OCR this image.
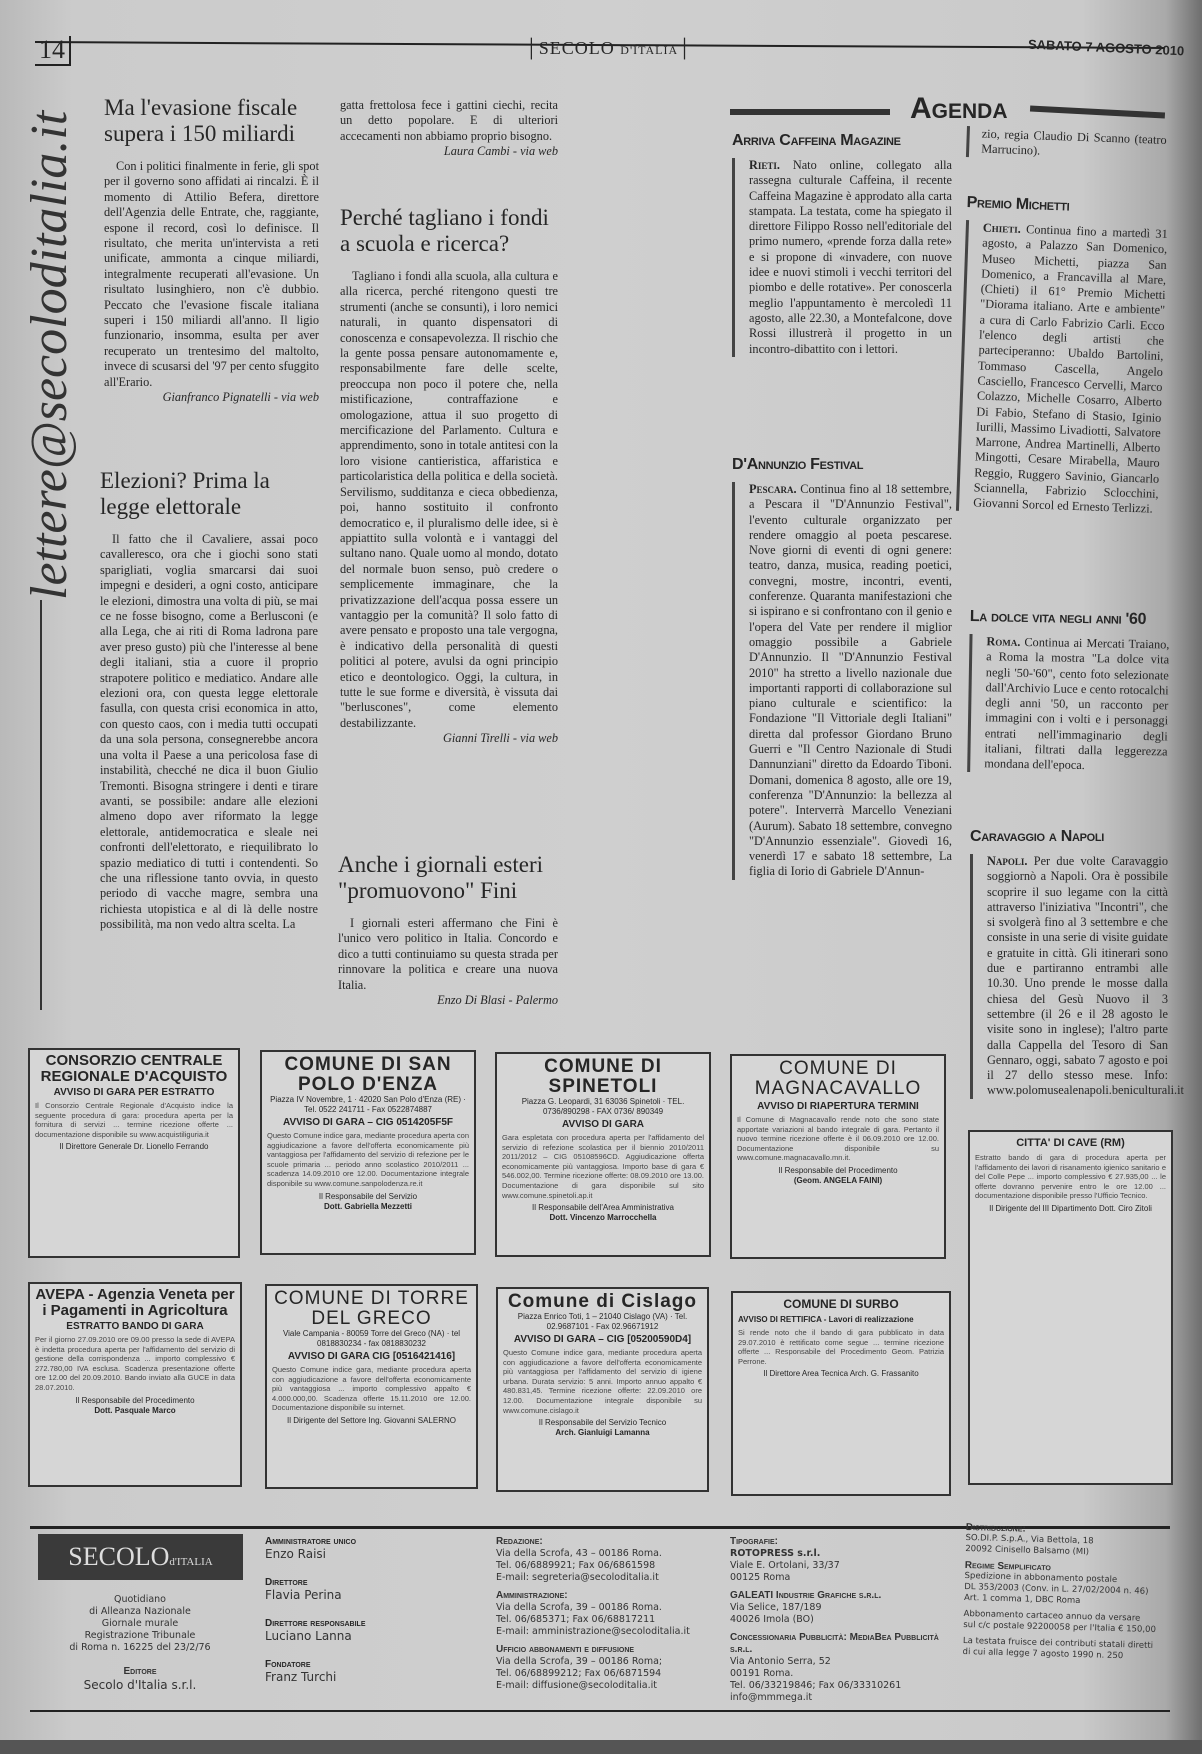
14	│SECOLO D'ITALIA│	SABATO 7 AGOSTO 2010
lettere@secoloditalia.it
Ma l'evasione fiscale supera i 150 miliardi
Con i politici finalmente in ferie, gli spot per il governo sono affidati ai rincalzi. È il momento di Attilio Befera, direttore dell'Agenzia delle Entrate, che, raggiante, espone il record, così lo definisce. Il risultato, che merita un'intervista a reti unificate, ammonta a cinque miliardi, integralmente recuperati all'evasione. Un risultato lusinghiero, non c'è dubbio. Peccato che l'evasione fiscale italiana superi i 150 miliardi all'anno. Il ligio funzionario, insomma, esulta per aver recuperato un trentesimo del maltolto, invece di scusarsi del '97 per cento sfuggito all'Erario.
Gianfranco Pignatelli - via web
Elezioni? Prima la legge elettorale
Il fatto che il Cavaliere, assai poco cavalleresco, ora che i giochi sono stati sparigliati, voglia smarcarsi dai suoi impegni e desideri, a ogni costo, anticipare le elezioni, dimostra una volta di più, se mai ce ne fosse bisogno, come a Berlusconi (e alla Lega, che ai riti di Roma ladrona pare aver preso gusto) più che l'interesse al bene degli italiani, stia a cuore il proprio strapotere politico e mediatico. Andare alle elezioni ora, con questa legge elettorale fasulla, con questa crisi economica in atto, con questo caos, con i media tutti occupati da una sola persona, consegnerebbe ancora una volta il Paese a una pericolosa fase di instabilità, checché ne dica il buon Giulio Tremonti. Bisogna stringere i denti e tirare avanti, se possibile: andare alle elezioni almeno dopo aver riformato la legge elettorale, antidemocratica e sleale nei confronti dell'elettorato, e riequilibrato lo spazio mediatico di tutti i contendenti. So che una riflessione tanto ovvia, in questo periodo di vacche magre, sembra una richiesta utopistica e al di là delle nostre possibilità, ma non vedo altra scelta. La
gatta frettolosa fece i gattini ciechi, recita un detto popolare. E di ulteriori accecamenti non abbiamo proprio bisogno.
Laura Cambi - via web
Perché tagliano i fondi a scuola e ricerca?
Tagliano i fondi alla scuola, alla cultura e alla ricerca, perché ritengono questi tre strumenti (anche se consunti), i loro nemici naturali, in quanto dispensatori di conoscenza e consapevolezza. Il rischio che la gente possa pensare autonomamente e, responsabilmente fare delle scelte, preoccupa non poco il potere che, nella mistificazione, contraffazione e omologazione, attua il suo progetto di mercificazione del Parlamento. Cultura e apprendimento, sono in totale antitesi con la loro visione cantieristica, affaristica e particolaristica della politica e della società. Servilismo, sudditanza e cieca obbedienza, poi, hanno sostituito il confronto democratico e, il pluralismo delle idee, si è appiattito sulla volontà e i vantaggi del sultano nano. Quale uomo al mondo, dotato del normale buon senso, può credere o semplicemente immaginare, che la privatizzazione dell'acqua possa essere un vantaggio per la comunità? Il solo fatto di avere pensato e proposto una tale vergogna, è indicativo della personalità di questi politici al potere, avulsi da ogni principio etico e deontologico. Oggi, la cultura, in tutte le sue forme e diversità, è vissuta dai "berluscones", come elemento destabilizzante.
Gianni Tirelli - via web
Anche i giornali esteri "promuovono" Fini
I giornali esteri affermano che Fini è l'unico vero politico in Italia. Concordo e dico a tutti continuiamo su questa strada per rinnovare la politica e creare una nuova Italia.
Enzo Di Blasi - Palermo
Agenda
Arriva Caffeina Magazine
Rieti. Nato online, collegato alla rassegna culturale Caffeina, il recente Caffeina Magazine è approdato alla carta stampata. La testata, come ha spiegato il direttore Filippo Rosso nell'editoriale del primo numero, «prende forza dalla rete» e si propone di «invadere, con nuove idee e nuovi stimoli i vecchi territori del piombo e delle rotative». Per conoscerla meglio l'appuntamento è mercoledì 11 agosto, alle 22.30, a Montefalcone, dove Rossi illustrerà il progetto in un incontro-dibattito con i lettori.
D'Annunzio Festival
Pescara. Continua fino al 18 settembre, a Pescara il "D'Annunzio Festival", l'evento culturale organizzato per rendere omaggio al poeta pescarese. Nove giorni di eventi di ogni genere: teatro, danza, musica, reading poetici, convegni, mostre, incontri, eventi, conferenze. Quaranta manifestazioni che si ispirano e si confrontano con il genio e l'opera del Vate per rendere il miglior omaggio possibile a Gabriele D'Annunzio. Il "D'Annunzio Festival 2010" ha stretto a livello nazionale due importanti rapporti di collaborazione sul piano culturale e scientifico: la Fondazione "Il Vittoriale degli Italiani" diretta dal professor Giordano Bruno Guerri e "Il Centro Nazionale di Studi Dannunziani" diretto da Edoardo Tiboni. Domani, domenica 8 agosto, alle ore 19, conferenza "D'Annunzio: la bellezza al potere". Interverrà Marcello Veneziani (Aurum). Sabato 18 settembre, convegno "D'Annunzio essenziale". Giovedì 16, venerdì 17 e sabato 18 settembre, La figlia di Iorio di Gabriele D'Annun-
zio, regia Claudio Di Scanno (teatro Marrucino).
Premio Michetti
Chieti. Continua fino a martedì 31 agosto, a Palazzo San Domenico, Museo Michetti, piazza San Domenico, a Francavilla al Mare, (Chieti) il 61° Premio Michetti "Diorama italiano. Arte e ambiente" a cura di Carlo Fabrizio Carli. Ecco l'elenco degli artisti che parteciperanno: Ubaldo Bartolini, Tommaso Cascella, Angelo Casciello, Francesco Cervelli, Marco Colazzo, Michelle Cosarro, Alberto Di Fabio, Stefano di Stasio, Iginio Iurilli, Massimo Livadiotti, Salvatore Marrone, Andrea Martinelli, Alberto Mingotti, Cesare Mirabella, Mauro Reggio, Ruggero Savinio, Giancarlo Sciannella, Fabrizio Sclocchini, Giovanni Sorcol ed Ernesto Terlizzi.
La dolce vita negli anni '60
Roma. Continua ai Mercati Traiano, a Roma la mostra "La dolce vita negli '50-'60", cento foto selezionate dall'Archivio Luce e cento rotocalchi degli anni '50, un racconto per immagini con i volti e i personaggi entrati nell'immaginario degli italiani, filtrati dalla leggerezza mondana dell'epoca.
Caravaggio a Napoli
Napoli. Per due volte Caravaggio soggiornò a Napoli. Ora è possibile scoprire il suo legame con la città attraverso l'iniziativa "Incontri", che si svolgerà fino al 3 settembre e che consiste in una serie di visite guidate e gratuite in città. Gli itinerari sono due e partiranno entrambi alle 10.30. Uno prende le mosse dalla chiesa del Gesù Nuovo il 3 settembre (il 26 e il 28 agosto le visite sono in inglese); l'altro parte dalla Cappella del Tesoro di San Gennaro, oggi, sabato 7 agosto e poi il 27 dello stesso mese. Info: www.polomusealenapoli.beniculturali.it
CONSORZIO CENTRALE REGIONALE D'ACQUISTO
AVVISO DI GARA PER ESTRATTO
Il Consorzio Centrale Regionale d'Acquisto indice la seguente procedura di gara: procedura aperta per la fornitura di servizi ... termine ricezione offerte ... documentazione disponibile su www.acquistiliguria.it
Il Direttore Generale Dr. Lionello Ferrando
COMUNE DI SAN POLO D'ENZA
Piazza IV Novembre, 1 · 42020 San Polo d'Enza (RE) · Tel. 0522 241711 - Fax 0522874887
AVVISO DI GARA – CIG 0514205F5F
Questo Comune indice gara, mediante procedura aperta con aggiudicazione a favore dell'offerta economicamente più vantaggiosa per l'affidamento del servizio di refezione per le scuole primaria ... periodo anno scolastico 2010/2011 ... scadenza 14.09.2010 ore 12.00. Documentazione integrale disponibile su www.comune.sanpolodenza.re.it
Il Responsabile del Servizio
Dott. Gabriella Mezzetti
COMUNE DI SPINETOLI
Piazza G. Leopardi, 31 63036 Spinetoli · TEL. 0736/890298 - FAX 0736/ 890349
AVVISO DI GARA
Gara espletata con procedura aperta per l'affidamento del servizio di refezione scolastica per il biennio 2010/2011 2011/2012 – CIG 05108596CD. Aggiudicazione offerta economicamente più vantaggiosa. Importo base di gara € 546.002,00. Termine ricezione offerte: 08.09.2010 ore 13.00. Documentazione di gara disponibile sul sito www.comune.spinetoli.ap.it
Il Responsabile dell'Area Amministrativa
Dott. Vincenzo Marrocchella
COMUNE DI MAGNACAVALLO
AVVISO DI RIAPERTURA TERMINI
Il Comune di Magnacavallo rende noto che sono state apportate variazioni al bando integrale di gara. Pertanto il nuovo termine ricezione offerte è il 06.09.2010 ore 12.00. Documentazione disponibile su www.comune.magnacavallo.mn.it.
Il Responsabile del Procedimento
(Geom. ANGELA FAINI)
AVEPA - Agenzia Veneta per i Pagamenti in Agricoltura
ESTRATTO BANDO DI GARA
Per il giorno 27.09.2010 ore 09.00 presso la sede di AVEPA è indetta procedura aperta per l'affidamento del servizio di gestione della corrispondenza ... importo complessivo € 272.780,00 IVA esclusa. Scadenza presentazione offerte ore 12.00 del 20.09.2010. Bando inviato alla GUCE in data 28.07.2010.
Il Responsabile del Procedimento
Dott. Pasquale Marco
COMUNE DI TORRE DEL GRECO
Viale Campania - 80059 Torre del Greco (NA) · tel 0818830234 - fax 0818830232
AVVISO DI GARA CIG [0516421416]
Questo Comune indice gara, mediante procedura aperta con aggiudicazione a favore dell'offerta economicamente più vantaggiosa ... importo complessivo appalto € 4.000.000,00. Scadenza offerte 15.11.2010 ore 12.00. Documentazione disponibile su internet.
Il Dirigente del Settore Ing. Giovanni SALERNO
Comune di Cislago
Piazza Enrico Toti, 1 – 21040 Cislago (VA) · Tel. 02.9687101 - Fax 02.96671912
AVVISO DI GARA – CIG [05200590D4]
Questo Comune indice gara, mediante procedura aperta con aggiudicazione a favore dell'offerta economicamente più vantaggiosa per l'affidamento del servizio di igiene urbana. Durata servizio: 5 anni. Importo annuo appalto € 480.831,45. Termine ricezione offerte: 22.09.2010 ore 12.00. Documentazione integrale disponibile su www.comune.cislago.it
Il Responsabile del Servizio Tecnico
Arch. Gianluigi Lamanna
COMUNE DI SURBO
AVVISO DI RETTIFICA - Lavori di realizzazione
Si rende noto che il bando di gara pubblicato in data 29.07.2010 è rettificato come segue ... termine ricezione offerte ... Responsabile del Procedimento Geom. Patrizia Perrone.
Il Direttore Area Tecnica Arch. G. Frassanito
CITTA' DI CAVE (RM)
Estratto bando di gara di procedura aperta per l'affidamento dei lavori di risanamento igienico sanitario e del Colle Pepe ... importo complessivo € 27.935,00 ... le offerte dovranno pervenire entro le ore 12.00 ... documentazione disponibile presso l'Ufficio Tecnico.
Il Dirigente del III Dipartimento Dott. Ciro Zitoli
SECOLOd'ITALIA
Quotidiano
di Alleanza Nazionale
Giornale murale
Registrazione Tribunale
di Roma n. 16225 del 23/2/76
Editore
Secolo d'Italia s.r.l.
Amministratore unico
Enzo Raisi
Direttore
Flavia Perina
Direttore responsabile
Luciano Lanna
Fondatore
Franz Turchi
Redazione:
Via della Scrofa, 43 – 00186 Roma.
Tel. 06/6889921; Fax 06/6861598
E-mail: segreteria@secoloditalia.it
Amministrazione:
Via della Scrofa, 39 – 00186 Roma.
Tel. 06/685371; Fax 06/68817211
E-mail: amministrazione@secoloditalia.it
Ufficio abbonamenti e diffusione
Via della Scrofa, 39 – 00186 Roma;
Tel. 06/68899212; Fax 06/6871594
E-mail: diffusione@secoloditalia.it
Tipografie:
ROTOPRESS s.r.l.
Viale E. Ortolani, 33/37
00125 Roma
GALEATI Industrie Grafiche s.r.l.
Via Selice, 187/189
40026 Imola (BO)
Concessionaria Pubblicità: MediaBea Pubblicità s.r.l.
Via Antonio Serra, 52
00191 Roma.
Tel. 06/33219846; Fax 06/33310261
info@mmmega.it
Distribuzione:
SO.DI.P. S.p.A., Via Bettola, 18
20092 Cinisello Balsamo (MI)
Regime Semplificato
Spedizione in abbonamento postale
DL 353/2003 (Conv. in L. 27/02/2004 n. 46)
Art. 1 comma 1, DBC Roma
Abbonamento cartaceo annuo da versare
sul c/c postale 92200058 per l'Italia € 150,00
La testata fruisce dei contributi statali diretti
di cui alla legge 7 agosto 1990 n. 250
